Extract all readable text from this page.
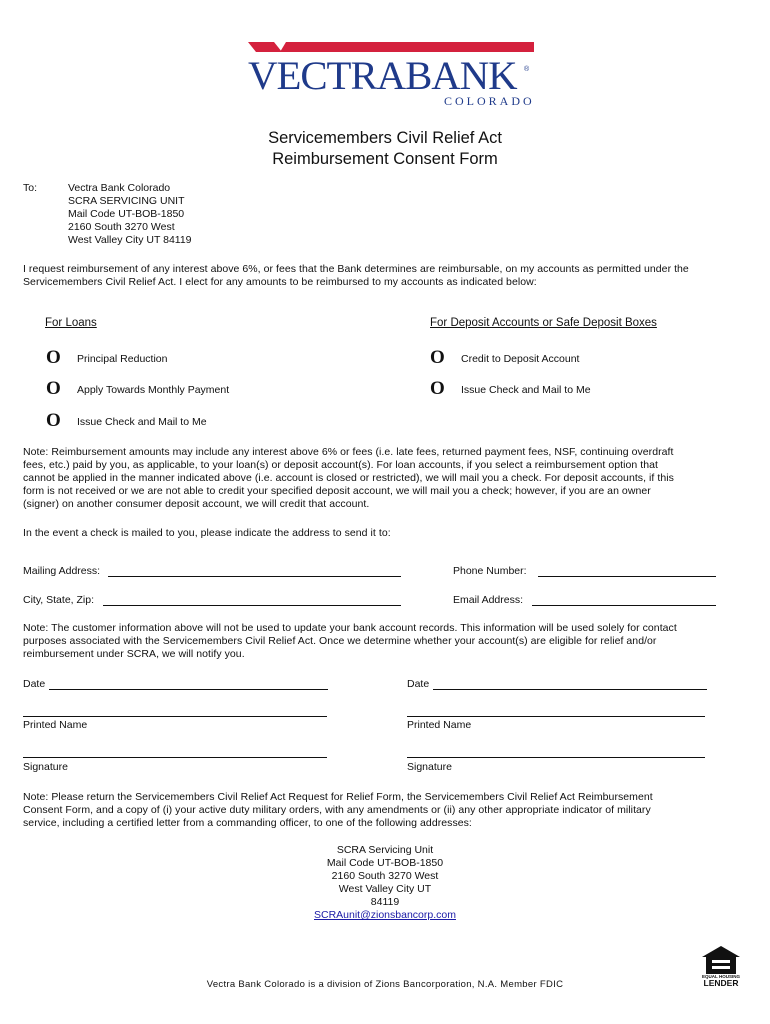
VECTRABANK
COLORADO
®
Servicemembers Civil Relief Act
Reimbursement Consent Form
To:	Vectra Bank Colorado
SCRA SERVICING UNIT
Mail Code UT-BOB-1850
2160 South 3270 West
West Valley City UT 84119
I request reimbursement of any interest above 6%, or fees that the Bank determines are reimbursable, on my accounts as permitted under the
Servicemembers Civil Relief Act. I elect for any amounts to be reimbursed to my accounts as indicated below:
For Loans	For Deposit Accounts or Safe Deposit Boxes
O Principal Reduction
O Apply Towards Monthly Payment
O Issue Check and Mail to Me
O Credit to Deposit Account
O Issue Check and Mail to Me
Note: Reimbursement amounts may include any interest above 6% or fees (i.e. late fees, returned payment fees, NSF, continuing overdraft
fees, etc.) paid by you, as applicable, to your loan(s) or deposit account(s). For loan accounts, if you select a reimbursement option that
cannot be applied in the manner indicated above (i.e. account is closed or restricted), we will mail you a check. For deposit accounts, if this
form is not received or we are not able to credit your specified deposit account, we will mail you a check; however, if you are an owner
(signer) on another consumer deposit account, we will credit that account.
In the event a check is mailed to you, please indicate the address to send it to:
Mailing Address:	Phone Number:
City, State, Zip:	Email Address:
Note: The customer information above will not be used to update your bank account records. This information will be used solely for contact
purposes associated with the Servicemembers Civil Relief Act. Once we determine whether your account(s) are eligible for relief and/or
reimbursement under SCRA, we will notify you.
Date
Printed Name
Signature
Date
Printed Name
Signature
Note: Please return the Servicemembers Civil Relief Act Request for Relief Form, the Servicemembers Civil Relief Act Reimbursement
Consent Form, and a copy of (i) your active duty military orders, with any amendments or (ii) any other appropriate indicator of military
service, including a certified letter from a commanding officer, to one of the following addresses:
SCRA Servicing Unit
Mail Code UT-BOB-1850
2160 South 3270 West
West Valley City UT
84119
SCRAunit@zionsbancorp.com
EQUAL HOUSING
LENDER
Vectra Bank Colorado is a division of Zions Bancorporation, N.A. Member FDIC
